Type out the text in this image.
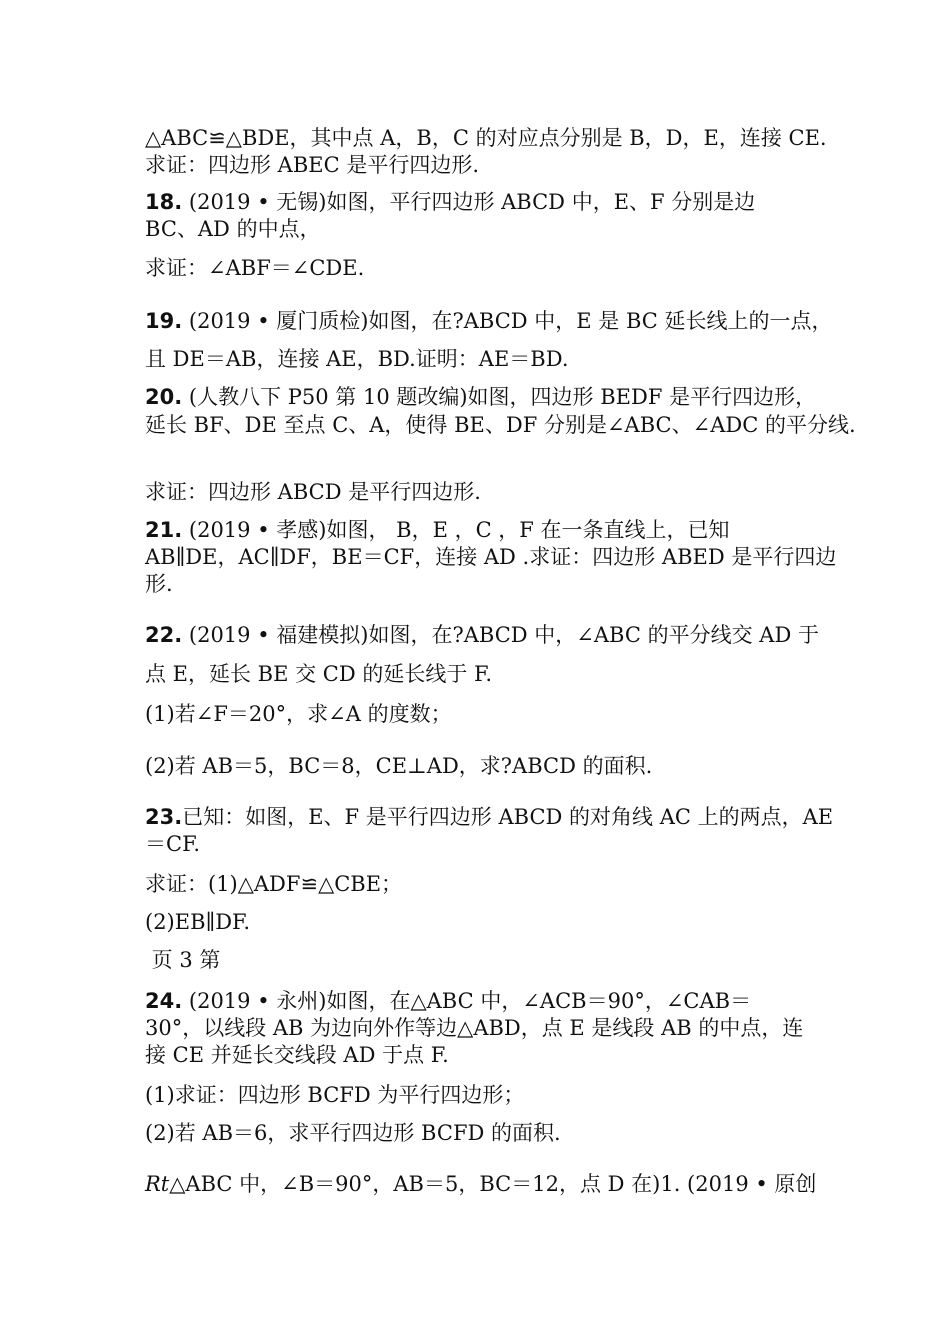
△ABC≌△BDE，其中点 A，B，C 的对应点分别是 B，D，E，连接 CE.
求证：四边形 ABEC 是平行四边形.
18. (2019 • 无锡)如图，平行四边形 ABCD 中，E、F 分别是边
BC、AD 的中点，
求证：∠ABF＝∠CDE.
19. (2019 • 厦门质检)如图，在?ABCD 中，E 是 BC 延长线上的一点，
且 DE＝AB，连接 AE，BD.证明：AE＝BD.
20. (人教八下 P50 第 10 题改编)如图，四边形 BEDF 是平行四边形，
延长 BF、DE 至点 C、A，使得 BE、DF 分别是∠ABC、∠ADC 的平分线.
求证：四边形 ABCD 是平行四边形.
21. (2019 • 孝感)如图， B，E ，C ，F 在一条直线上，已知
AB∥DE，AC∥DF，BE＝CF，连接 AD .求证：四边形 ABED 是平行四边
形.
22. (2019 • 福建模拟)如图，在?ABCD 中，∠ABC 的平分线交 AD 于
点 E，延长 BE 交 CD 的延长线于 F.
(1)若∠F＝20°，求∠A 的度数；
(2)若 AB＝5，BC＝8，CE⊥AD，求?ABCD 的面积.
23.已知：如图，E、F 是平行四边形 ABCD 的对角线 AC 上的两点，AE
＝CF.
求证：(1)△ADF≌△CBE；
(2)EB∥DF.
页 3 第
24. (2019 • 永州)如图，在△ABC 中，∠ACB＝90°，∠CAB＝
30°，以线段 AB 为边向外作等边△ABD，点 E 是线段 AB 的中点，连
接 CE 并延长交线段 AD 于点 F.
(1)求证：四边形 BCFD 为平行四边形；
(2)若 AB＝6，求平行四边形 BCFD 的面积.
Rt△ABC 中，∠B＝90°，AB＝5，BC＝12，点 D 在)1. (2019 • 原创
